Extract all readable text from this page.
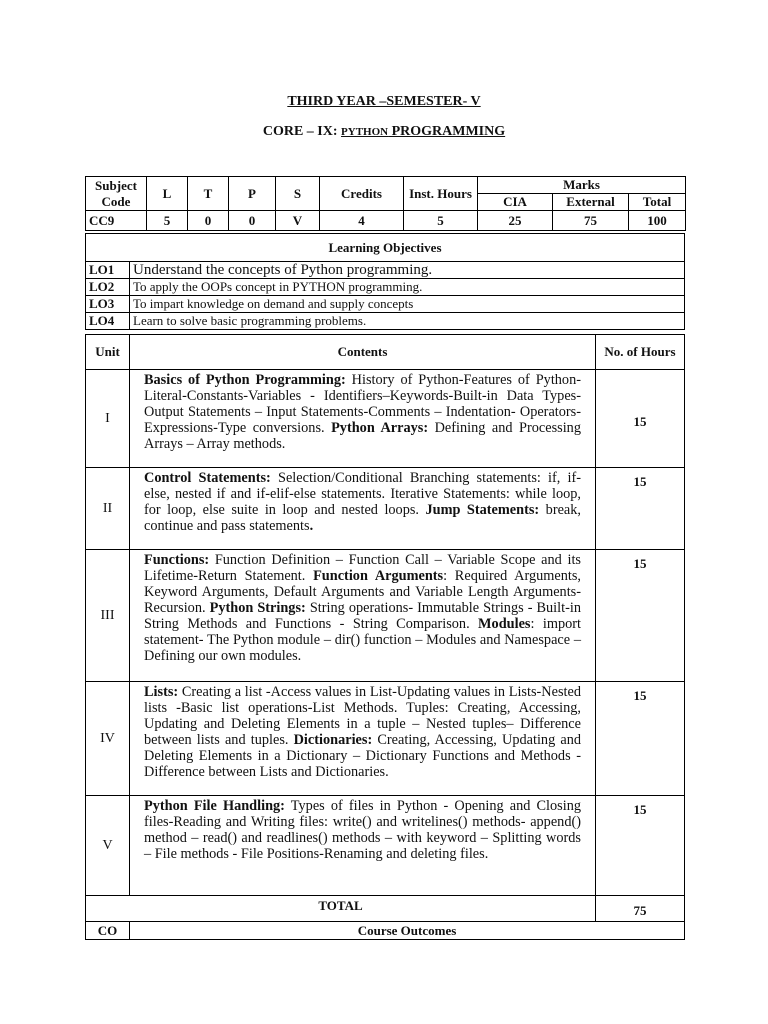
THIRD YEAR –SEMESTER- V
CORE – IX: PYTHON PROGRAMMING
Subject Code	L	T	P	S	Credits	Inst. Hours	Marks		
							CIA	External	Total
CC9	5	0	0	V	4	5	25	75	100
Learning Objectives	
LO1	Understand the concepts of Python programming.
LO2	To apply the OOPs concept in PYTHON programming.
LO3	To impart knowledge on demand and supply concepts
LO4	Learn to solve basic programming problems.
Unit	Contents	No. of Hours
I	Basics of Python Programming: History of Python-Features of Python-Literal-Constants-Variables - Identifiers–Keywords-Built-in Data Types-Output Statements – Input Statements-Comments – Indentation- Operators-Expressions-Type conversions. Python Arrays: Defining and Processing Arrays – Array methods.	15
II	Control Statements: Selection/Conditional Branching statements: if, if-else, nested if and if-elif-else statements. Iterative Statements: while loop, for loop, else suite in loop and nested loops. Jump Statements: break, continue and pass statements.	15
III	Functions: Function Definition – Function Call – Variable Scope and its Lifetime-Return Statement. Function Arguments: Required Arguments, Keyword Arguments, Default Arguments and Variable Length Arguments- Recursion. Python Strings: String operations- Immutable Strings - Built-in String Methods and Functions - String Comparison. Modules: import statement- The Python module – dir() function – Modules and Namespace – Defining our own modules.	15
IV	Lists: Creating a list -Access values in List-Updating values in Lists-Nested lists -Basic list operations-List Methods. Tuples: Creating, Accessing, Updating and Deleting Elements in a tuple – Nested tuples– Difference between lists and tuples. Dictionaries: Creating, Accessing, Updating and Deleting Elements in a Dictionary – Dictionary Functions and Methods - Difference between Lists and Dictionaries.	15
V	Python File Handling: Types of files in Python - Opening and Closing files-Reading and Writing files: write() and writelines() methods- append() method – read() and readlines() methods – with keyword – Splitting words – File methods - File Positions-Renaming and deleting files.	15
TOTAL		75
CO	Course Outcomes	
